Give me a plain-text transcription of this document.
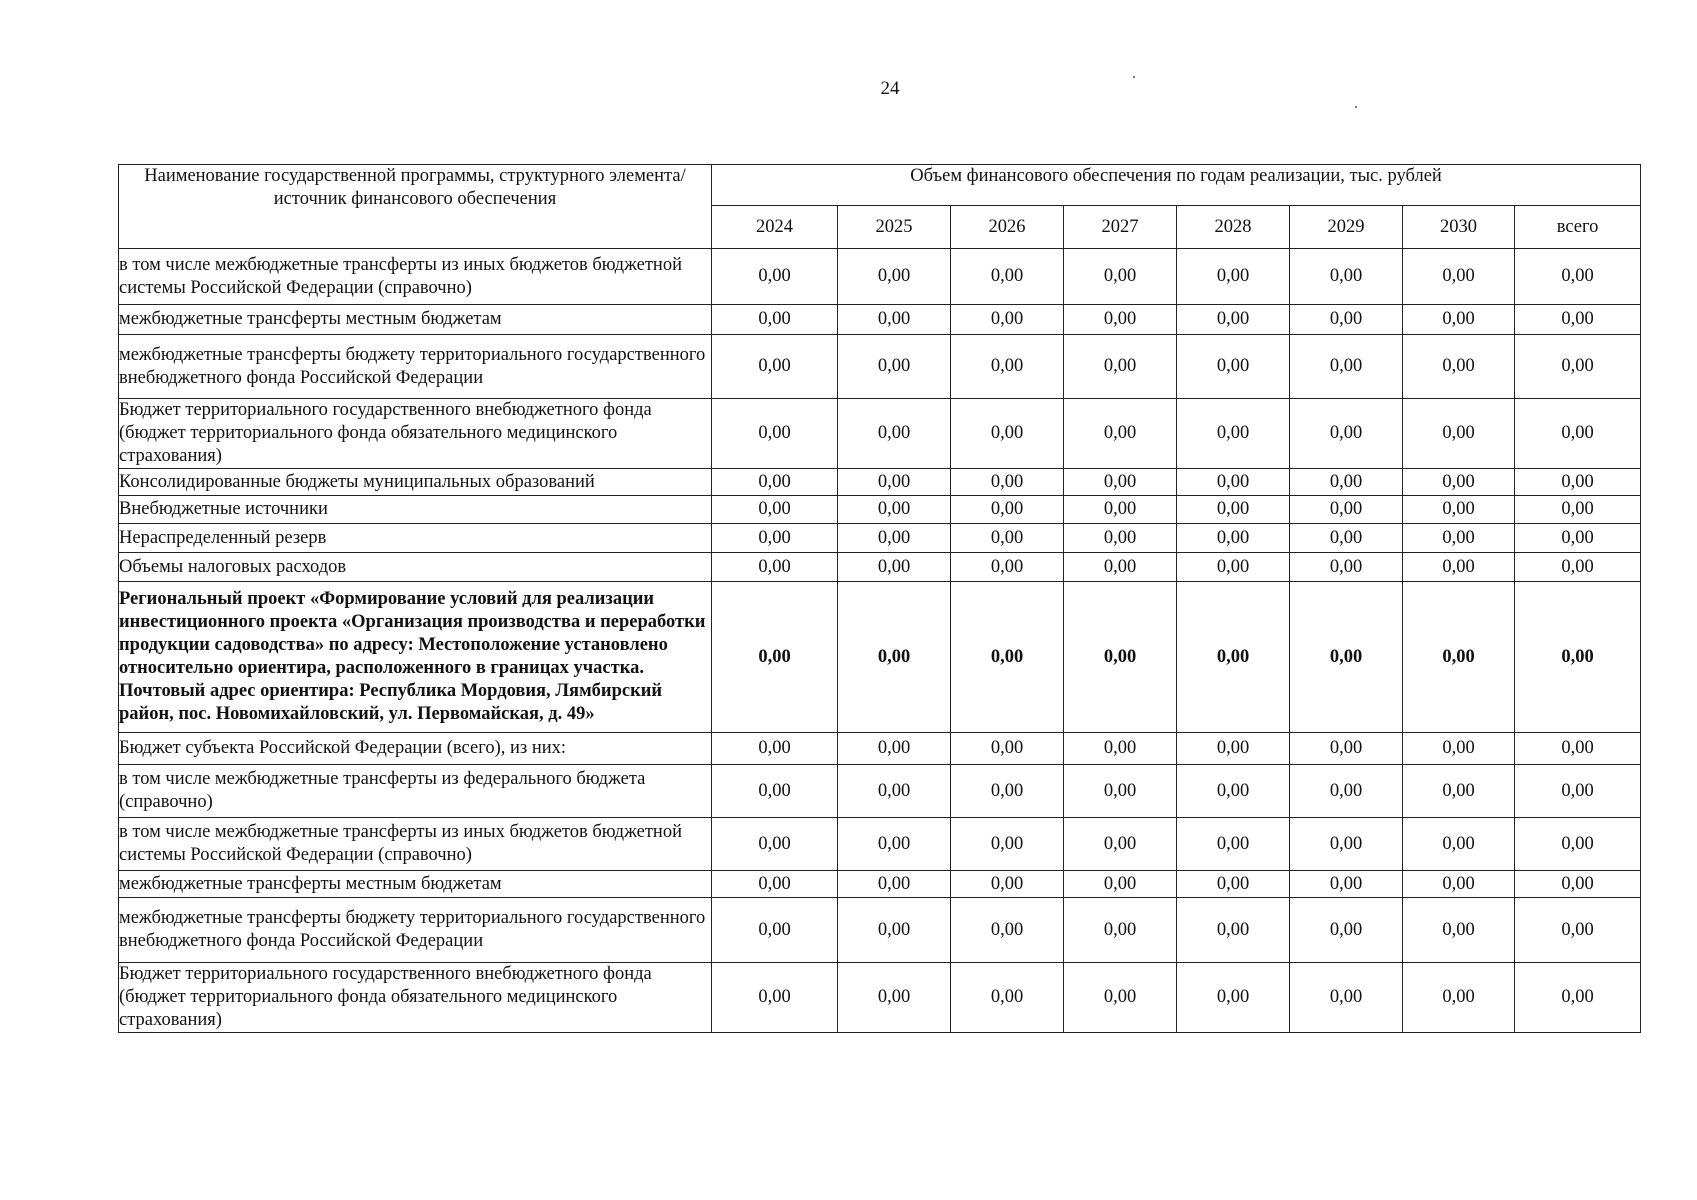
24
Наименование государственной программы, структурного элемента/источник финансового обеспечения	Объем финансового обеспечения по годам реализации, тыс. рублей							
	2024	2025	2026	2027	2028	2029	2030	всего
в том числе межбюджетные трансферты из иных бюджетов бюджетной системы Российской Федерации (справочно)	0,00	0,00	0,00	0,00	0,00	0,00	0,00	0,00
межбюджетные трансферты местным бюджетам	0,00	0,00	0,00	0,00	0,00	0,00	0,00	0,00
межбюджетные трансферты бюджету территориального государственного внебюджетного фонда Российской Федерации	0,00	0,00	0,00	0,00	0,00	0,00	0,00	0,00
Бюджет территориального государственного внебюджетного фонда (бюджет территориального фонда обязательного медицинского страхования)	0,00	0,00	0,00	0,00	0,00	0,00	0,00	0,00
Консолидированные бюджеты муниципальных образований	0,00	0,00	0,00	0,00	0,00	0,00	0,00	0,00
Внебюджетные источники	0,00	0,00	0,00	0,00	0,00	0,00	0,00	0,00
Нераспределенный резерв	0,00	0,00	0,00	0,00	0,00	0,00	0,00	0,00
Объемы налоговых расходов	0,00	0,00	0,00	0,00	0,00	0,00	0,00	0,00
Региональный проект «Формирование условий для реализации инвестиционного проекта «Организация производства и переработки продукции садоводства» по адресу: Местоположение установлено относительно ориентира, расположенного в границах участка. Почтовый адрес ориентира: Республика Мордовия, Лямбирский район, пос. Новомихайловский, ул. Первомайская, д. 49»	0,00	0,00	0,00	0,00	0,00	0,00	0,00	0,00
Бюджет субъекта Российской Федерации (всего), из них:	0,00	0,00	0,00	0,00	0,00	0,00	0,00	0,00
в том числе межбюджетные трансферты из федерального бюджета (справочно)	0,00	0,00	0,00	0,00	0,00	0,00	0,00	0,00
в том числе межбюджетные трансферты из иных бюджетов бюджетной системы Российской Федерации (справочно)	0,00	0,00	0,00	0,00	0,00	0,00	0,00	0,00
межбюджетные трансферты местным бюджетам	0,00	0,00	0,00	0,00	0,00	0,00	0,00	0,00
межбюджетные трансферты бюджету территориального государственного внебюджетного фонда Российской Федерации	0,00	0,00	0,00	0,00	0,00	0,00	0,00	0,00
Бюджет территориального государственного внебюджетного фонда (бюджет территориального фонда обязательного медицинского страхования)	0,00	0,00	0,00	0,00	0,00	0,00	0,00	0,00
